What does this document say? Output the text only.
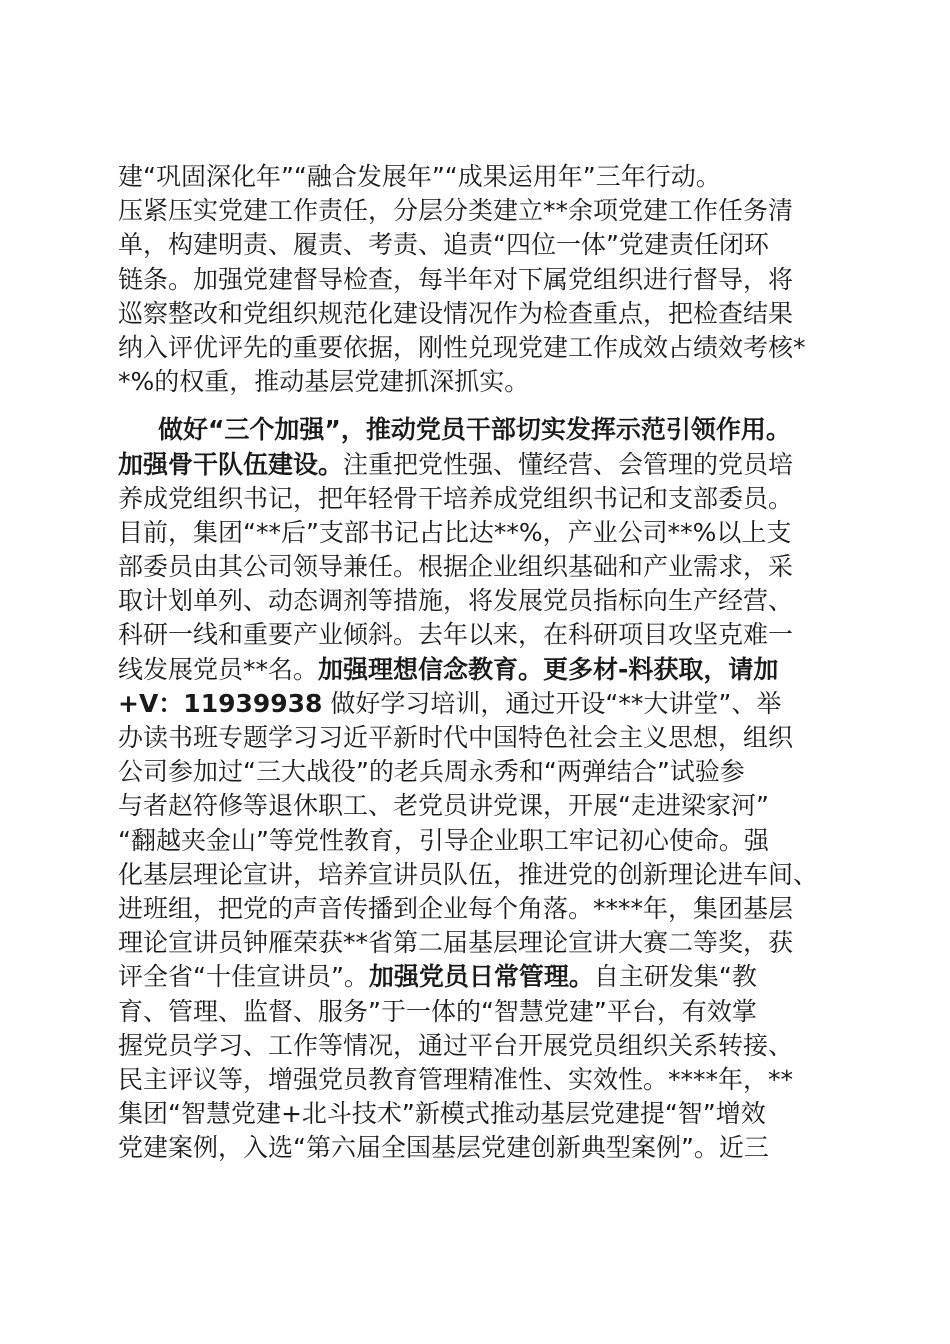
建“巩固深化年”“融合发展年”“成果运用年”三年行动。
压紧压实党建工作责任，分层分类建立**余项党建工作任务清
单，构建明责、履责、考责、追责“四位一体”党建责任闭环
链条。加强党建督导检查，每半年对下属党组织进行督导，将
巡察整改和党组织规范化建设情况作为检查重点，把检查结果
纳入评优评先的重要依据，刚性兑现党建工作成效占绩效考核*
*%的权重，推动基层党建抓深抓实。
做好“三个加强”，推动党员干部切实发挥示范引领作用。
加强骨干队伍建设。注重把党性强、懂经营、会管理的党员培
养成党组织书记，把年轻骨干培养成党组织书记和支部委员。
目前，集团“**后”支部书记占比达**%，产业公司**%以上支
部委员由其公司领导兼任。根据企业组织基础和产业需求，采
取计划单列、动态调剂等措施，将发展党员指标向生产经营、
科研一线和重要产业倾斜。去年以来，在科研项目攻坚克难一
线发展党员**名。加强理想信念教育。更多材-料获取，请加
+V：11939938 做好学习培训，通过开设“**大讲堂”、举
办读书班专题学习习近平新时代中国特色社会主义思想，组织
公司参加过“三大战役”的老兵周永秀和“两弹结合”试验参
与者赵符修等退休职工、老党员讲党课，开展“走进梁家河”
“翻越夹金山”等党性教育，引导企业职工牢记初心使命。强
化基层理论宣讲，培养宣讲员队伍，推进党的创新理论进车间、
进班组，把党的声音传播到企业每个角落。****年，集团基层
理论宣讲员钟雁荣获**省第二届基层理论宣讲大赛二等奖，获
评全省“十佳宣讲员”。加强党员日常管理。自主研发集“教
育、管理、监督、服务”于一体的“智慧党建”平台，有效掌
握党员学习、工作等情况，通过平台开展党员组织关系转接、
民主评议等，增强党员教育管理精准性、实效性。****年，**
集团“智慧党建+北斗技术”新模式推动基层党建提“智”增效
党建案例，入选“第六届全国基层党建创新典型案例”。近三
